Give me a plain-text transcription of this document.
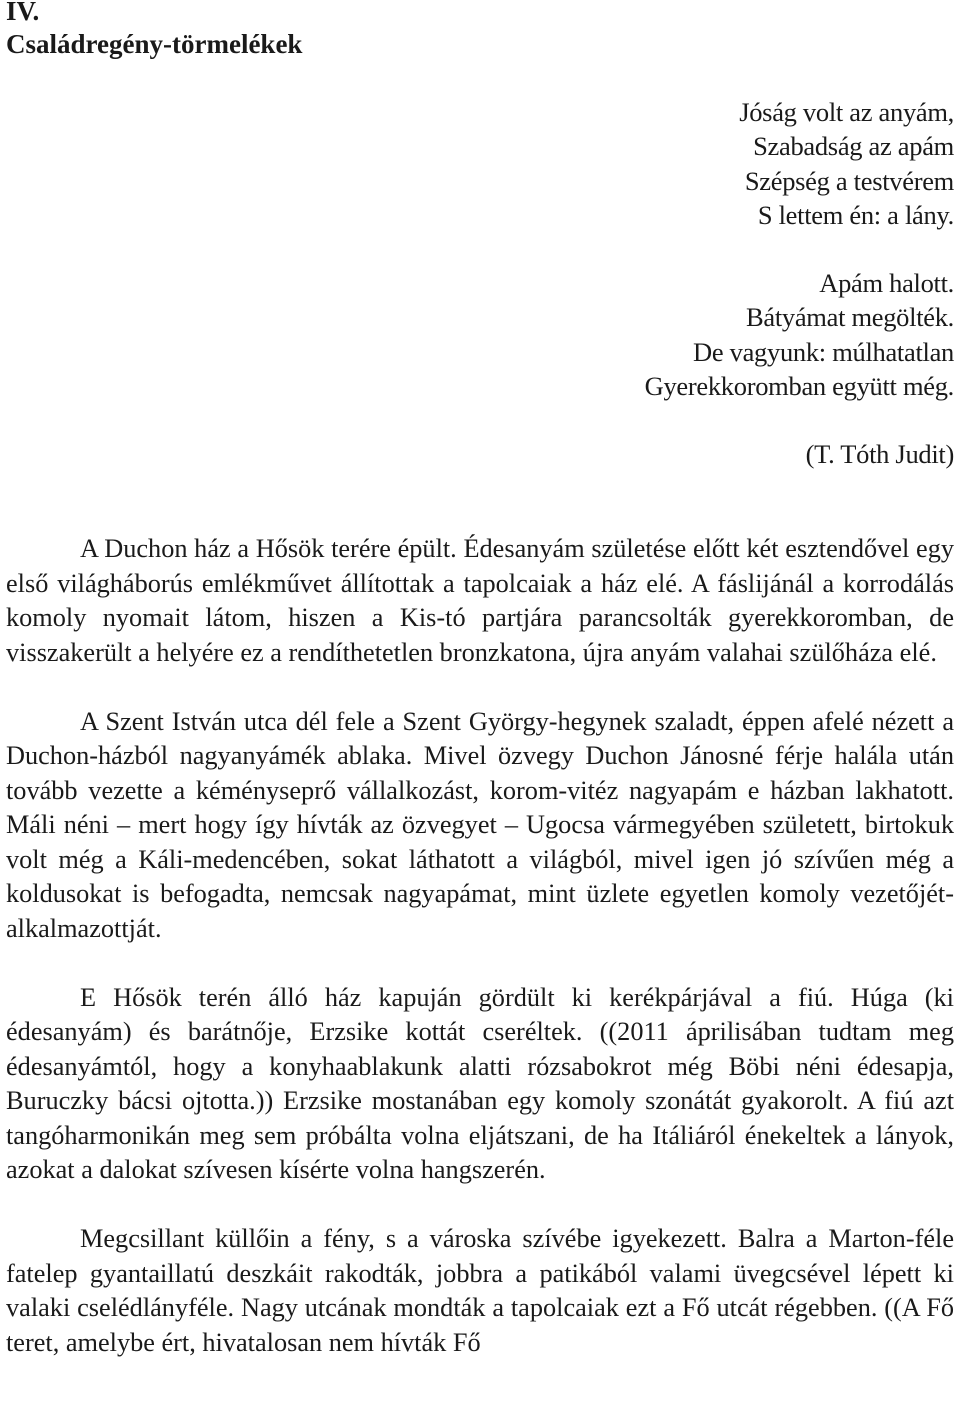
IV.
Családregény-törmelékek
Jóság volt az anyám,
Szabadság az apám
Szépség a testvérem
S lettem én: a lány.
Apám halott.
Bátyámat megölték.
De vagyunk: múlhatatlan
Gyerekkoromban együtt még.
(T. Tóth Judit)

A Duchon ház a Hősök terére épült. Édesanyám születése előtt két esztendővel egy első világháborús emlékművet állítottak a tapolcaiak a ház elé. A fáslijánál a korrodálás komoly nyomait látom, hiszen a Kis-tó partjára parancsolták gyerekkoromban, de visszakerült a helyére ez a rendíthetetlen bronzkatona, újra anyám valahai szülőháza elé.

A Szent István utca dél fele a Szent György-hegynek szaladt, éppen afelé nézett a Duchon-házból nagyanyámék ablaka. Mivel özvegy Duchon Jánosné férje halála után tovább vezette a kéményseprő vállalkozást, korom-vitéz nagyapám e házban lakhatott. Máli néni – mert hogy így hívták az özvegyet – Ugocsa vármegyében született, birtokuk volt még a Káli-medencében, sokat láthatott a világból, mivel igen jó szívűen még a koldusokat is befogadta, nemcsak nagyapámat, mint üzlete egyetlen komoly vezetőjét-alkalmazottját.

E Hősök terén álló ház kapuján gördült ki kerékpárjával a fiú. Húga (ki édesanyám) és barátnője, Erzsike kottát cseréltek. ((2011 áprilisában tudtam meg édesanyámtól, hogy a konyhaablakunk alatti rózsabokrot még Böbi néni édesapja, Buruczky bácsi ojtotta.)) Erzsike mostanában egy komoly szonátát gyakorolt. A fiú azt tangóharmonikán meg sem próbálta volna eljátszani, de ha Itáliáról énekeltek a lányok, azokat a dalokat szívesen kísérte volna hangszerén.

Megcsillant küllőin a fény, s a városka szívébe igyekezett. Balra a Marton-féle fatelep gyantaillatú deszkáit rakodták, jobbra a patikából valami üvegcsével lépett ki valaki cselédlányféle. Nagy utcának mondták a tapolcaiak ezt a Fő utcát régebben. ((A Fő teret, amelybe ért, hivatalosan nem hívták Fő
